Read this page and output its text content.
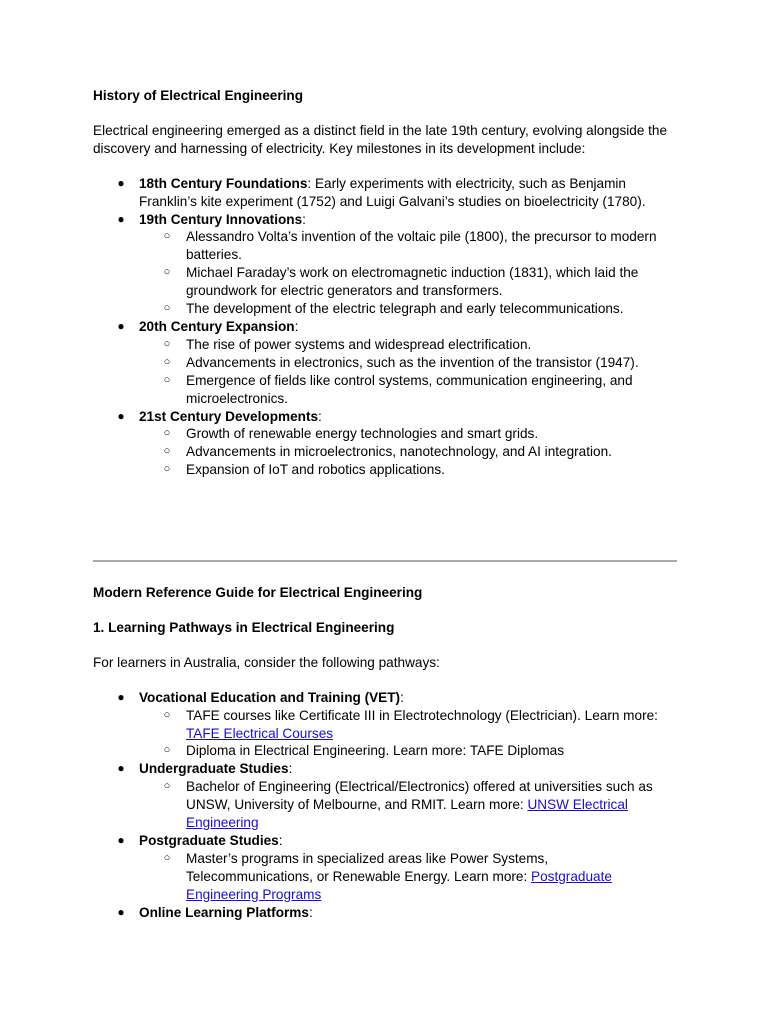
History of Electrical Engineering

Electrical engineering emerged as a distinct field in the late 19th century, evolving alongside the discovery and harnessing of electricity. Key milestones in its development include:

● 18th Century Foundations: Early experiments with electricity, such as Benjamin Franklin’s kite experiment (1752) and Luigi Galvani’s studies on bioelectricity (1780).
● 19th Century Innovations:
○ Alessandro Volta’s invention of the voltaic pile (1800), the precursor to modern batteries.
○ Michael Faraday’s work on electromagnetic induction (1831), which laid the groundwork for electric generators and transformers.
○ The development of the electric telegraph and early telecommunications.
● 20th Century Expansion:
○ The rise of power systems and widespread electrification.
○ Advancements in electronics, such as the invention of the transistor (1947).
○ Emergence of fields like control systems, communication engineering, and microelectronics.
● 21st Century Developments:
○ Growth of renewable energy technologies and smart grids.
○ Advancements in microelectronics, nanotechnology, and AI integration.
○ Expansion of IoT and robotics applications.

Modern Reference Guide for Electrical Engineering

1. Learning Pathways in Electrical Engineering

For learners in Australia, consider the following pathways:

● Vocational Education and Training (VET):
○ TAFE courses like Certificate III in Electrotechnology (Electrician). Learn more: TAFE Electrical Courses
○ Diploma in Electrical Engineering. Learn more: TAFE Diplomas
● Undergraduate Studies:
○ Bachelor of Engineering (Electrical/Electronics) offered at universities such as UNSW, University of Melbourne, and RMIT. Learn more: UNSW Electrical Engineering
● Postgraduate Studies:
○ Master’s programs in specialized areas like Power Systems, Telecommunications, or Renewable Energy. Learn more: Postgraduate Engineering Programs
● Online Learning Platforms:
